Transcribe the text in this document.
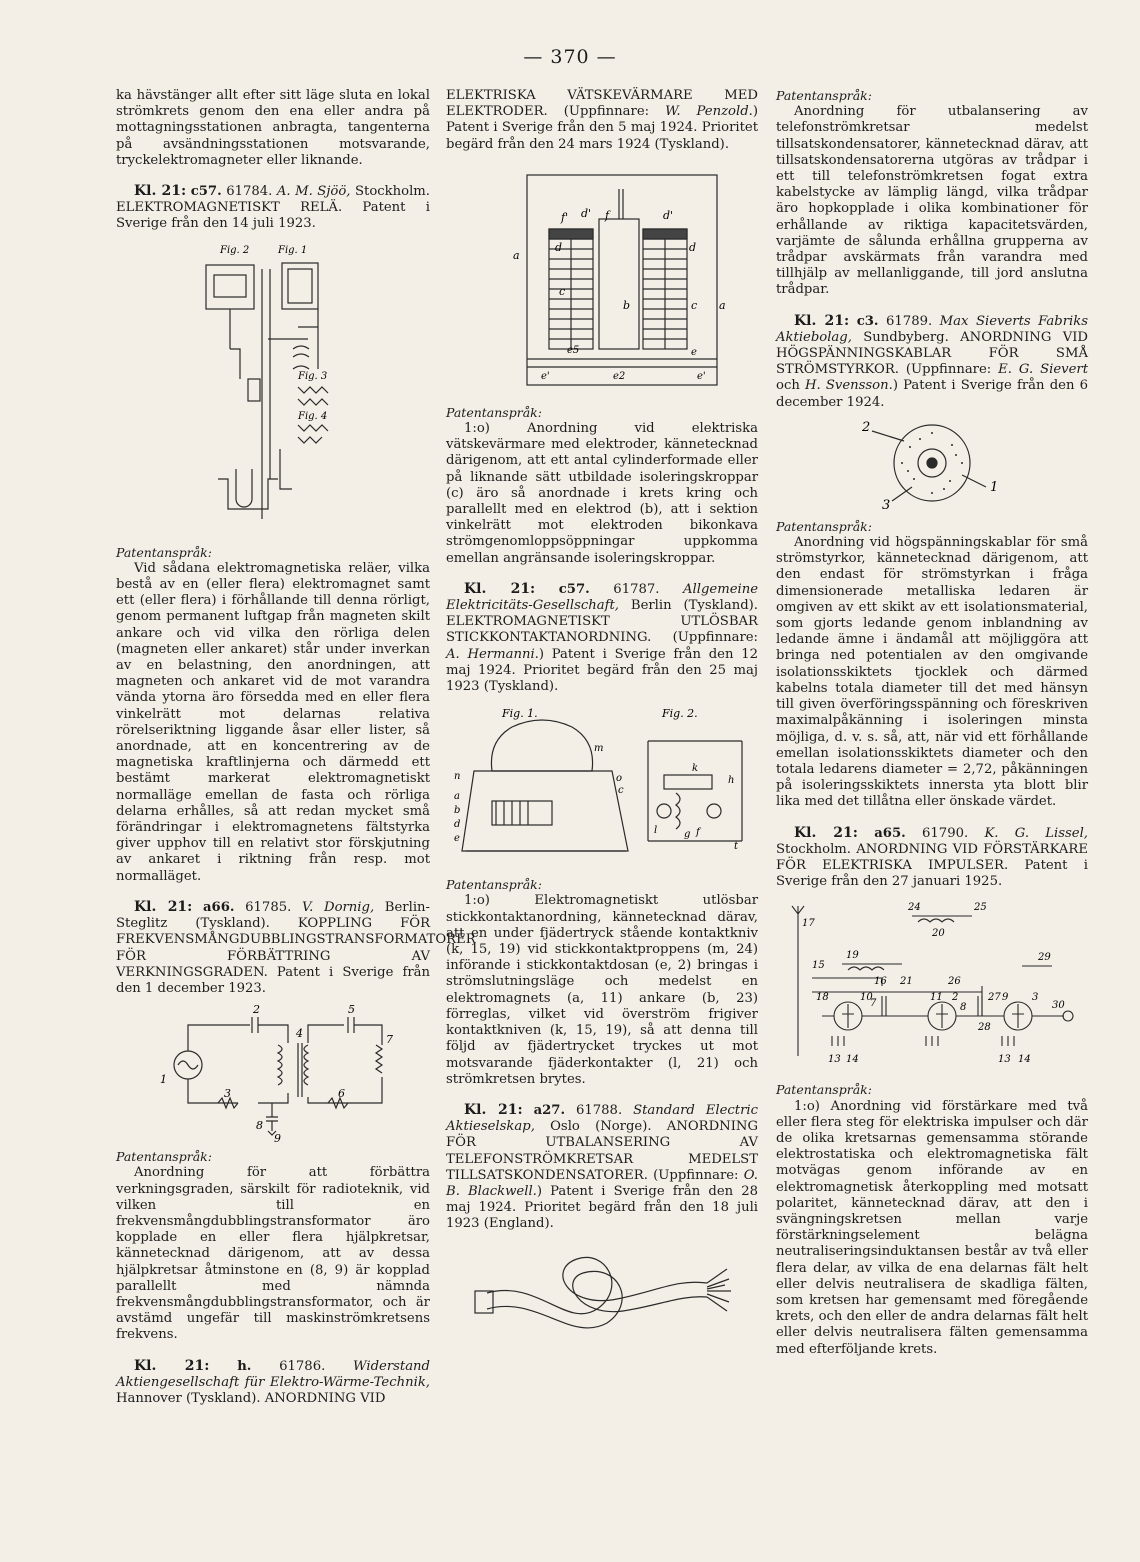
— 370 —

ka hävstänger allt efter sitt läge sluta en lokal strömkrets genom den ena eller andra på mottagningsstationen anbragta, tangenterna på avsändningsstationen motsvarande, tryckelektromagneter eller liknande.

Kl. 21: c57. 61784. A. M. Sjöö, Stockholm. ELEKTROMAGNETISKT RELÄ. Patent i Sverige från den 14 juli 1923.

Fig. 2	Fig. 1
Fig. 3
Fig. 4

Patentanspråk:

Vid sådana elektromagnetiska reläer, vilka bestå av en (eller flera) elektromagnet samt ett (eller flera) i förhållande till denna rörligt, genom permanent luftgap från magneten skilt ankare och vid vilka den rörliga delen (magneten eller ankaret) står under inverkan av en belastning, den anordningen, att magneten och ankaret vid de mot varandra vända ytorna äro försedda med en eller flera vinkelrätt mot delarnas relativa rörelseriktning liggande åsar eller lister, så anordnade, att en koncentrering av de magnetiska kraftlinjerna och därmedd ett bestämt markerat elektromagnetiskt normalläge emellan de fasta och rörliga delarna erhålles, så att redan mycket små förändringar i elektromagnetens fältstyrka giver upphov till en relativt stor förskjutning av ankaret i riktning från resp. mot normalläget.

Kl. 21: a66. 61785. V. Dornig, Berlin-Steglitz (Tyskland). KOPPLING FÖR FREKVENSMÅNGDUBBLINGSTRANSFORMATORER FÖR FÖRBÄTTRING AV VERKNINGSGRADEN. Patent i Sverige från den 1 december 1923.

2
4
5
7
1
3	6
8
9

Patentanspråk:

Anordning för att förbättra verkningsgraden, särskilt för radioteknik, vid vilken till en frekvensmångdubblingstransformator äro kopplade en eller flera hjälpkretsar, kännetecknad därigenom, att av dessa hjälpkretsar åtminstone en (8, 9) är kopplad parallellt med nämnda frekvensmångdubblingstransformator, och är avstämd ungefär till maskinströmkretsens frekvens.

Kl. 21: h. 61786. Widerstand Aktiengesellschaft für Elektro-Wärme-Technik, Hannover (Tyskland). ANORDNING VID

ELEKTRISKA VÄTSKEVÄRMARE MED ELEKTRODER. (Uppfinnare: W. Penzold.) Patent i Sverige från den 5 maj 1924. Prioritet begärd från den 24 mars 1924 (Tyskland).

f' d' f	d'
d	d
a
c
b	c a
e5	e
e'	e2	e'

Patentanspråk:

1:o) Anordning vid elektriska vätskevärmare med elektroder, kännetecknad därigenom, att ett antal cylinderformade eller på liknande sätt utbildade isoleringskroppar (c) äro så anordnade i krets kring och parallellt med en elektrod (b), att i sektion vinkelrätt mot elektroden bikonkava strömgenomloppsöppningar uppkomma emellan angränsande isoleringskroppar.

Kl. 21: c57. 61787. Allgemeine Elektricitäts-Gesellschaft, Berlin (Tyskland). ELEKTROMAGNETISKT UTLÖSBAR STICKKONTAKTANORDNING. (Uppfinnare: A. Hermanni.) Patent i Sverige från den 12 maj 1924. Prioritet begärd från den 25 maj 1923 (Tyskland).

Fig. 1.	Fig. 2.
m
n	o
c
a
b
d
e
k
h
g
l	f
t

Patentanspråk:

1:o) Elektromagnetiskt utlösbar stickkontaktanordning, kännetecknad därav, att en under fjädertryck stående kontaktkniv (k, 15, 19) vid stickkontaktproppens (m, 24) införande i stickkontaktdosan (e, 2) bringas i strömslutningsläge och medelst en elektromagnets (a, 11) ankare (b, 23) förreglas, vilket vid överström frigiver kontaktkniven (k, 15, 19), så att denna till följd av fjädertrycket tryckes ut mot motsvarande fjäderkontakter (l, 21) och strömkretsen brytes.

Kl. 21: a27. 61788. Standard Electric Aktieselskap, Oslo (Norge). ANORDNING FÖR UTBALANSERING AV TELEFONSTRÖMKRETSAR MEDELST TILLSATSKONDENSATORER. (Uppfinnare: O. B. Blackwell.) Patent i Sverige från den 28 maj 1924. Prioritet begärd från den 18 juli 1923 (England).

Patentanspråk:

Anordning för utbalansering av telefonströmkretsar medelst tillsatskondensatorer, kännetecknad därav, att tillsatskondensatorerna utgöras av trådpar i ett till telefonströmkretsen fogat extra kabelstycke av lämplig längd, vilka trådpar äro hopkopplade i olika kombinationer för erhållande av riktiga kapacitetsvärden, varjämte de sålunda erhållna grupperna av trådpar avskärmats från varandra med tillhjälp av mellanliggande, till jord anslutna trådpar.

Kl. 21: c3. 61789. Max Sieverts Fabriks Aktiebolag, Sundbyberg. ANORDNING VID HÖGSPÄNNINGSKABLAR FÖR SMÅ STRÖMSTYRKOR. (Uppfinnare: E. G. Sievert och H. Svensson.) Patent i Sverige från den 6 december 1924.

2
3
1

Patentanspråk:

Anordning vid högspänningskablar för små strömstyrkor, kännetecknad därigenom, att den endast för strömstyrkan i fråga dimensionerade metalliska ledaren är omgiven av ett skikt av ett isolationsmaterial, som gjorts ledande genom inblandning av ledande ämne i ändamål att möjliggöra att bringa ned potentialen av den omgivande isolationsskiktets tjocklek och därmed kabelns totala diameter till det med hänsyn till given överföringsspänning och föreskriven maximalpåkänning i isoleringen minsta möjliga, d. v. s. så, att, när vid ett förhållande emellan isolationsskiktets diameter och den totala ledarens diameter = 2,72, påkänningen på isoleringsskiktets innersta yta blott blir lika med det tillåtna eller önskade värdet.

Kl. 21: a65. 61790. K. G. Lissel, Stockholm. ANORDNING VID FÖRSTÄRKARE FÖR ELEKTRISKA IMPULSER. Patent i Sverige från den 27 januari 1925.

24	25
17
20
19
15
16 21	26
29
18	10
7
11 2
8
27 9 3
30
13 14
28
13 14

Patentanspråk:

1:o) Anordning vid förstärkare med två eller flera steg för elektriska impulser och där de olika kretsarnas gemensamma störande elektrostatiska och elektromagnetiska fält motvägas genom införande av en elektromagnetisk återkoppling med motsatt polaritet, kännetecknad därav, att den i svängningskretsen mellan varje förstärkningselement belägna neutraliseringsinduktansen består av två eller flera delar, av vilka de ena delarnas fält helt eller delvis neutralisera de skadliga fälten, som kretsen har gemensamt med föregående krets, och den eller de andra delarnas fält helt eller delvis neutralisera fälten gemensamma med efterföljande krets.
